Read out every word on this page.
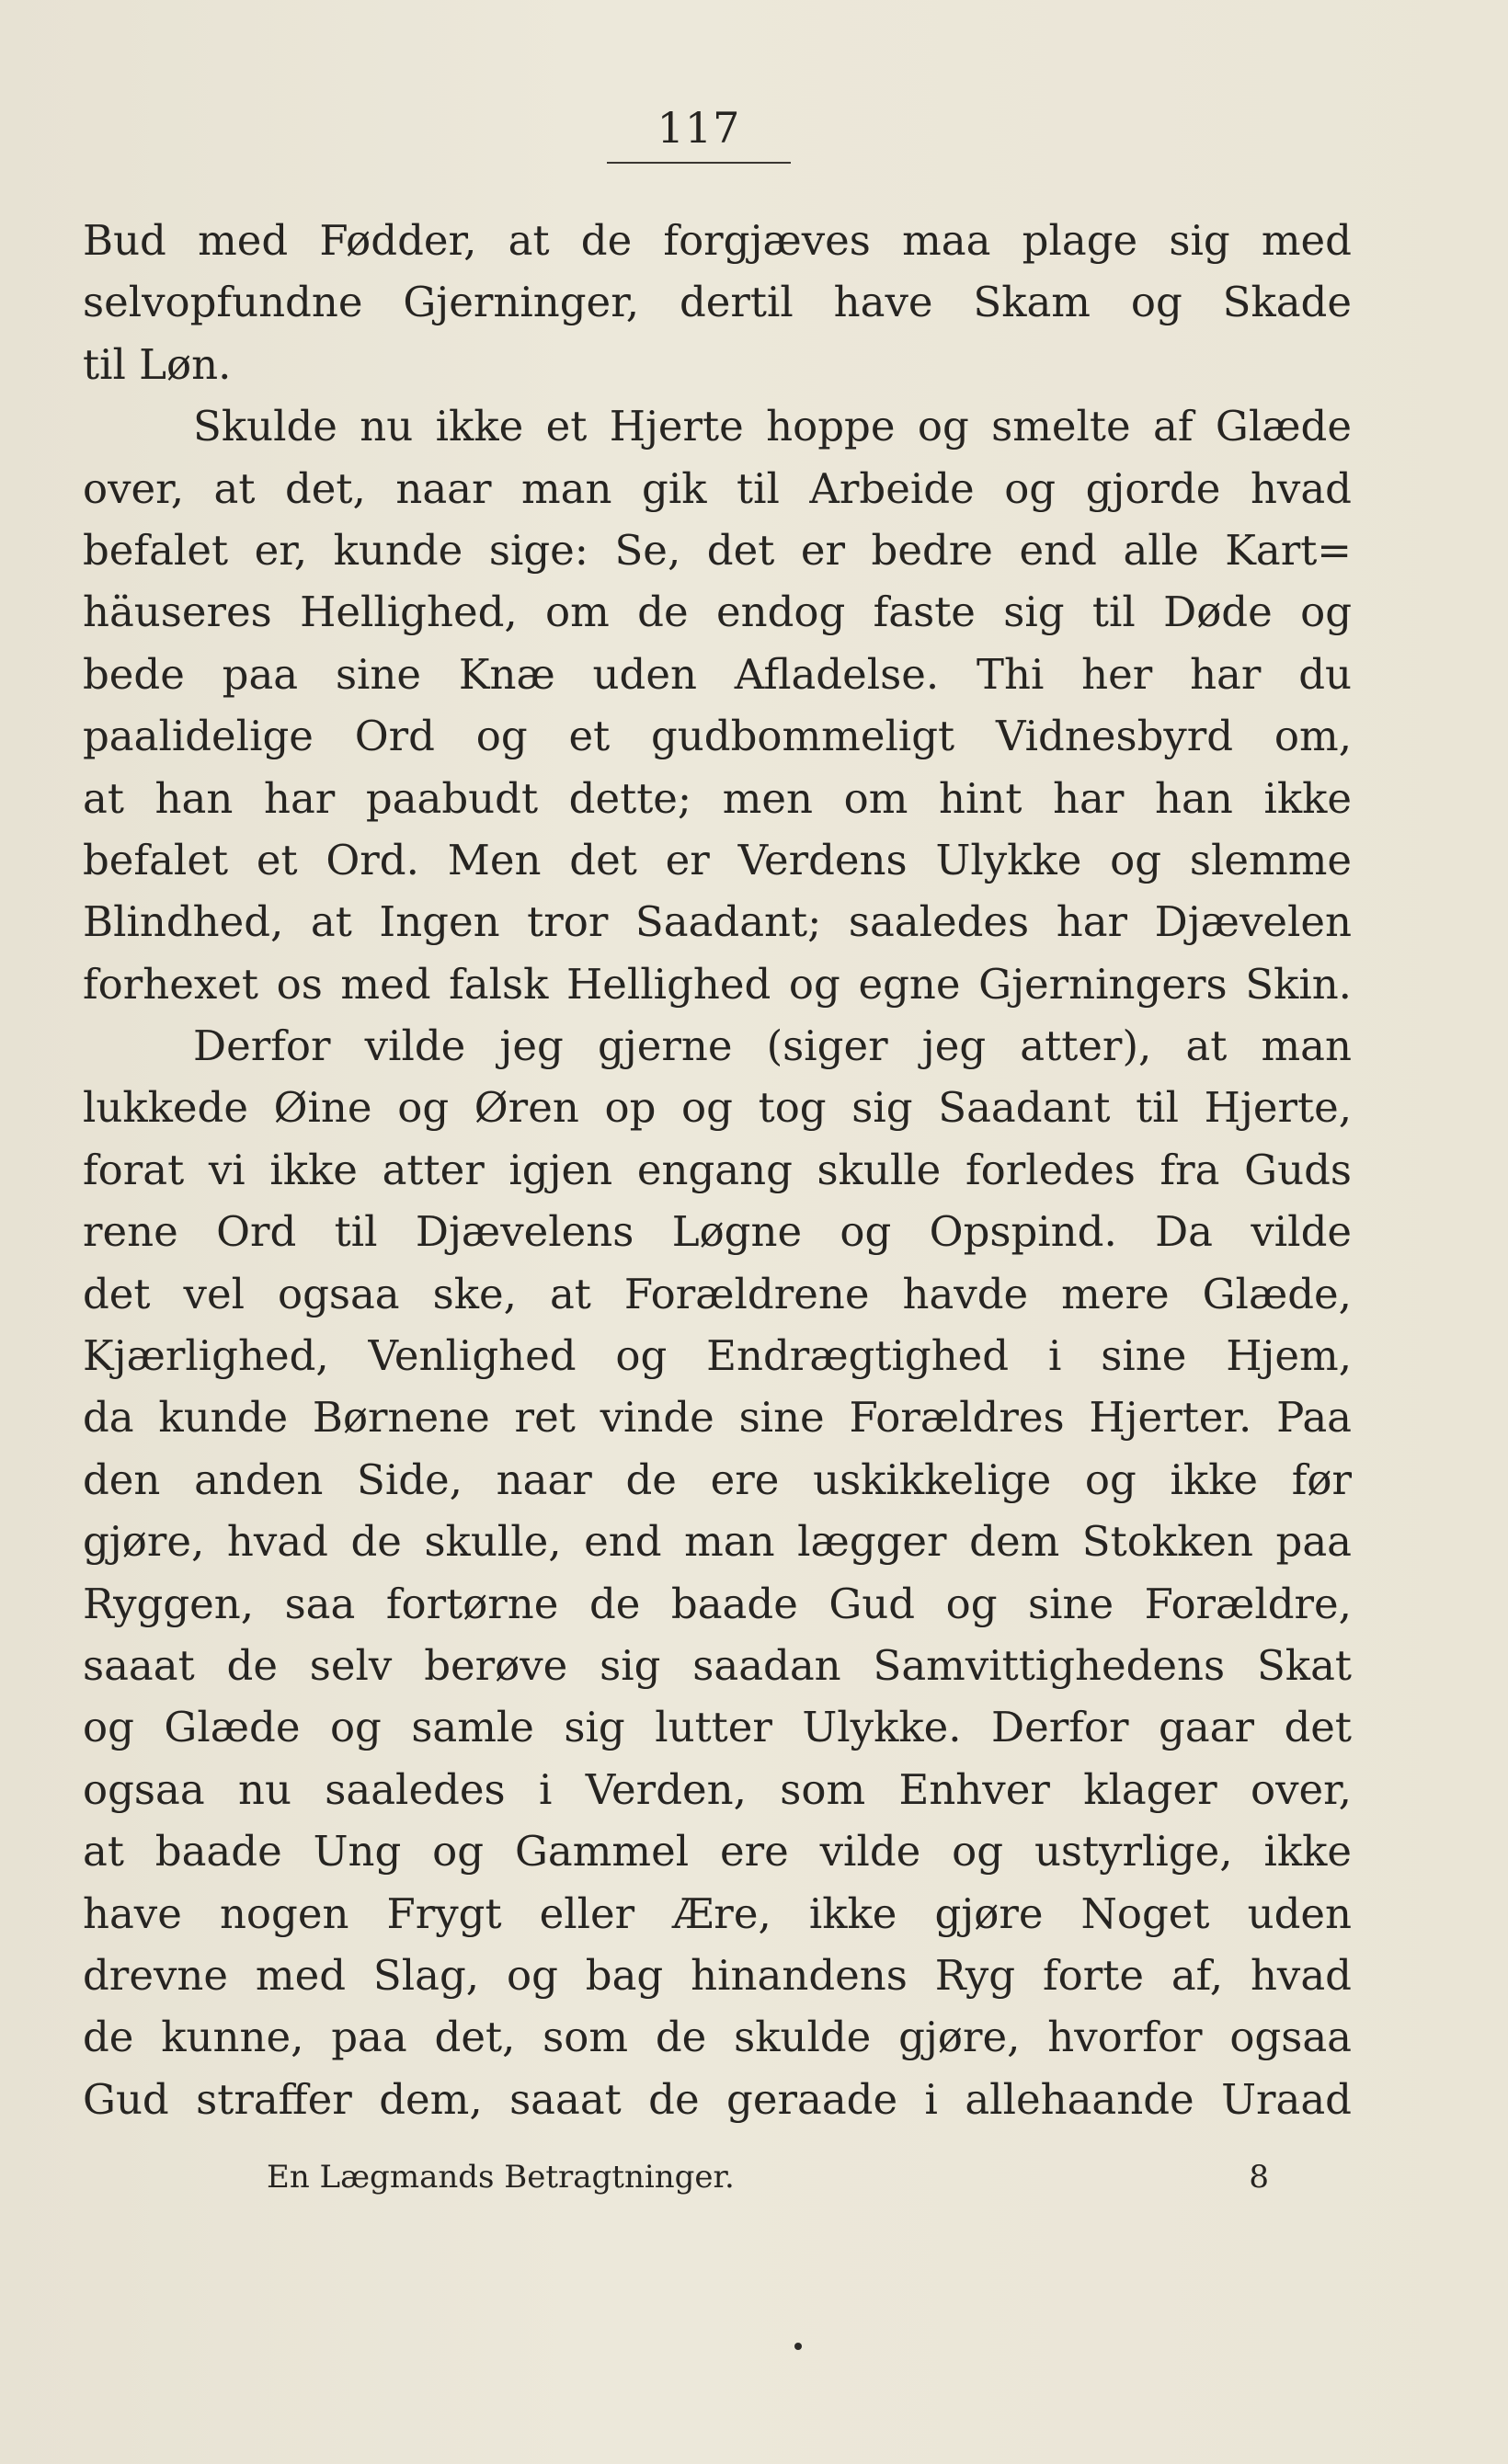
117
Bud med Fødder, at de forgjæves maa plage sig med
selvopfundne Gjerninger, dertil have Skam og Skade
til Løn.
Skulde nu ikke et Hjerte hoppe og smelte af Glæde
over, at det, naar man gik til Arbeide og gjorde hvad
befalet er, kunde sige: Se, det er bedre end alle Kart=
häuseres Hellighed, om de endog faste sig til Døde og
bede paa sine Knæ uden Afladelse. Thi her har du
paalidelige Ord og et gudbommeligt Vidnesbyrd om,
at han har paabudt dette; men om hint har han ikke
befalet et Ord. Men det er Verdens Ulykke og slemme
Blindhed, at Ingen tror Saadant; saaledes har Djævelen
forhexet os med falsk Hellighed og egne Gjerningers Skin.
Derfor vilde jeg gjerne (siger jeg atter), at man
lukkede Øine og Øren op og tog sig Saadant til Hjerte,
forat vi ikke atter igjen engang skulle forledes fra Guds
rene Ord til Djævelens Løgne og Opspind. Da vilde
det vel ogsaa ske, at Forældrene havde mere Glæde,
Kjærlighed, Venlighed og Endrægtighed i sine Hjem,
da kunde Børnene ret vinde sine Forældres Hjerter. Paa
den anden Side, naar de ere uskikkelige og ikke før
gjøre, hvad de skulle, end man lægger dem Stokken paa
Ryggen, saa fortørne de baade Gud og sine Forældre,
saaat de selv berøve sig saadan Samvittighedens Skat
og Glæde og samle sig lutter Ulykke. Derfor gaar det
ogsaa nu saaledes i Verden, som Enhver klager over,
at baade Ung og Gammel ere vilde og ustyrlige, ikke
have nogen Frygt eller Ære, ikke gjøre Noget uden
drevne med Slag, og bag hinandens Ryg forte af, hvad
de kunne, paa det, som de skulde gjøre, hvorfor ogsaa
Gud straffer dem, saaat de geraade i allehaande Uraad
En Lægmands Betragtninger.	8
